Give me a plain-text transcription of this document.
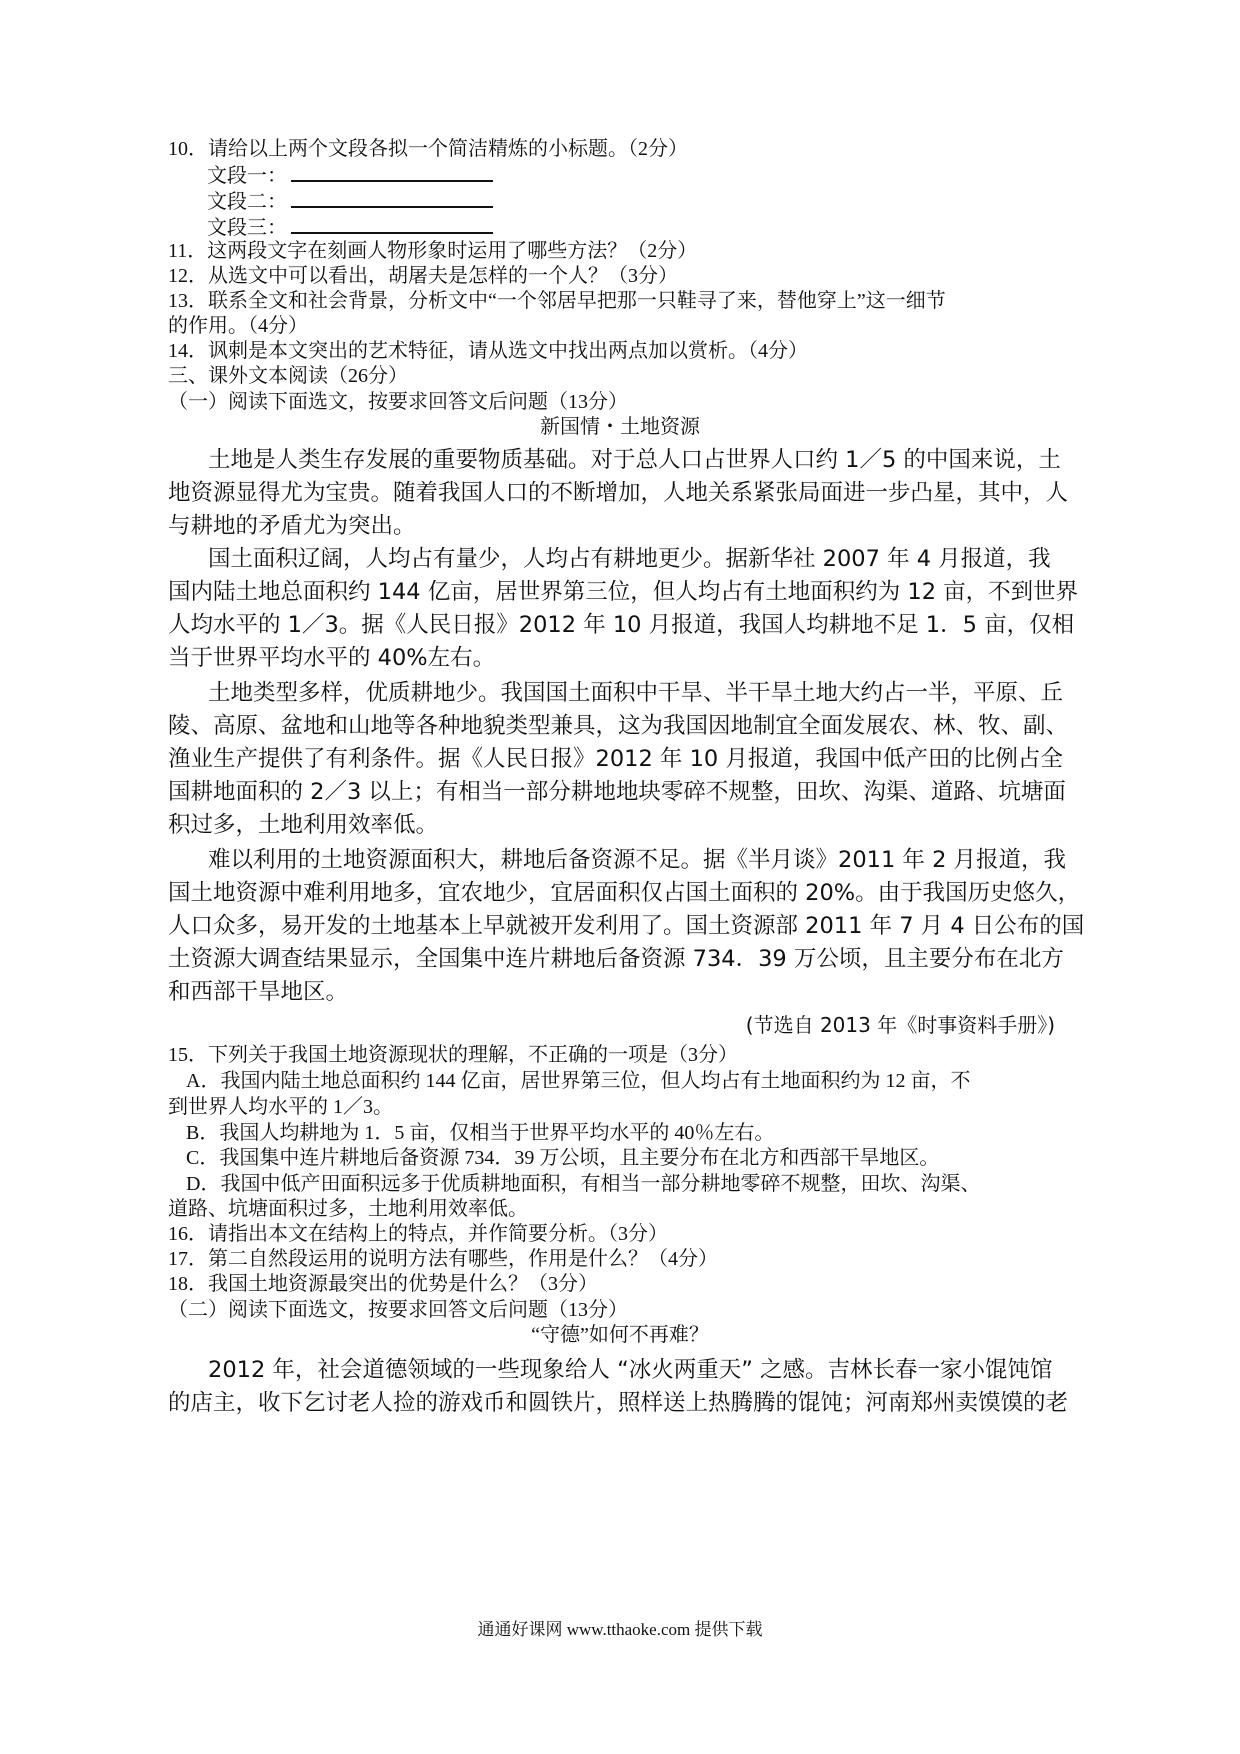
10．请给以上两个文段各拟一个简洁精炼的小标题。（2分）
文段一：
文段二：
文段三：
11．这两段文字在刻画人物形象时运用了哪些方法？（2分）
12．从选文中可以看出，胡屠夫是怎样的一个人？（3分）
13．联系全文和社会背景，分析文中“一个邻居早把那一只鞋寻了来，替他穿上”这一细节
的作用。（4分）
14．讽刺是本文突出的艺术特征，请从选文中找出两点加以赏析。（4分）
三、课外文本阅读（26分）
（一）阅读下面选文，按要求回答文后问题（13分）
新国情・土地资源
土地是人类生存发展的重要物质基础。对于总人口占世界人口约 1／5 的中国来说，土
地资源显得尤为宝贵。随着我国人口的不断增加，人地关系紧张局面进一步凸星，其中，人
与耕地的矛盾尤为突出。
国土面积辽阔，人均占有量少，人均占有耕地更少。据新华社 2007 年 4 月报道，我
国内陆土地总面积约 144 亿亩，居世界第三位，但人均占有土地面积约为 12 亩，不到世界
人均水平的 1／3。据《人民日报》2012 年 10 月报道，我国人均耕地不足 1．5 亩，仅相
当于世界平均水平的 40%左右。
土地类型多样，优质耕地少。我国国土面积中干旱、半干旱土地大约占一半，平原、丘
陵、高原、盆地和山地等各种地貌类型兼具，这为我国因地制宜全面发展农、林、牧、副、
渔业生产提供了有利条件。据《人民日报》2012 年 10 月报道，我国中低产田的比例占全
国耕地面积的 2／3 以上；有相当一部分耕地地块零碎不规整，田坎、沟渠、道路、坑塘面
积过多，土地利用效率低。
难以利用的土地资源面积大，耕地后备资源不足。据《半月谈》2011 年 2 月报道，我
国土地资源中难利用地多，宜农地少，宜居面积仅占国土面积的 20%。由于我国历史悠久，
人口众多，易开发的土地基本上早就被开发利用了。国土资源部 2011 年 7 月 4 日公布的国
土资源大调查结果显示，全国集中连片耕地后备资源 734．39 万公顷，且主要分布在北方
和西部干旱地区。
(节选自 2013 年《时事资料手册》)
15．下列关于我国土地资源现状的理解，不正确的一项是（3分）
A．我国内陆土地总面积约 144 亿亩，居世界第三位，但人均占有土地面积约为 12 亩，不
到世界人均水平的 1／3。
B．我国人均耕地为 1．5 亩，仅相当于世界平均水平的 40％左右。
C．我国集中连片耕地后备资源 734．39 万公顷，且主要分布在北方和西部干旱地区。
D．我国中低产田面积远多于优质耕地面积，有相当一部分耕地零碎不规整，田坎、沟渠、
道路、坑塘面积过多，土地利用效率低。
16．请指出本文在结构上的特点，并作简要分析。（3分）
17．第二自然段运用的说明方法有哪些，作用是什么？（4分）
18．我国土地资源最突出的优势是什么？（3分）
（二）阅读下面选文，按要求回答文后问题（13分）
“守德”如何不再难？
2012 年，社会道德领域的一些现象给人 “冰火两重天” 之感。吉林长春一家小馄饨馆
的店主，收下乞讨老人捡的游戏币和圆铁片，照样送上热腾腾的馄饨；河南郑州卖馍馍的老
通通好课网 www.tthaoke.com 提供下载
